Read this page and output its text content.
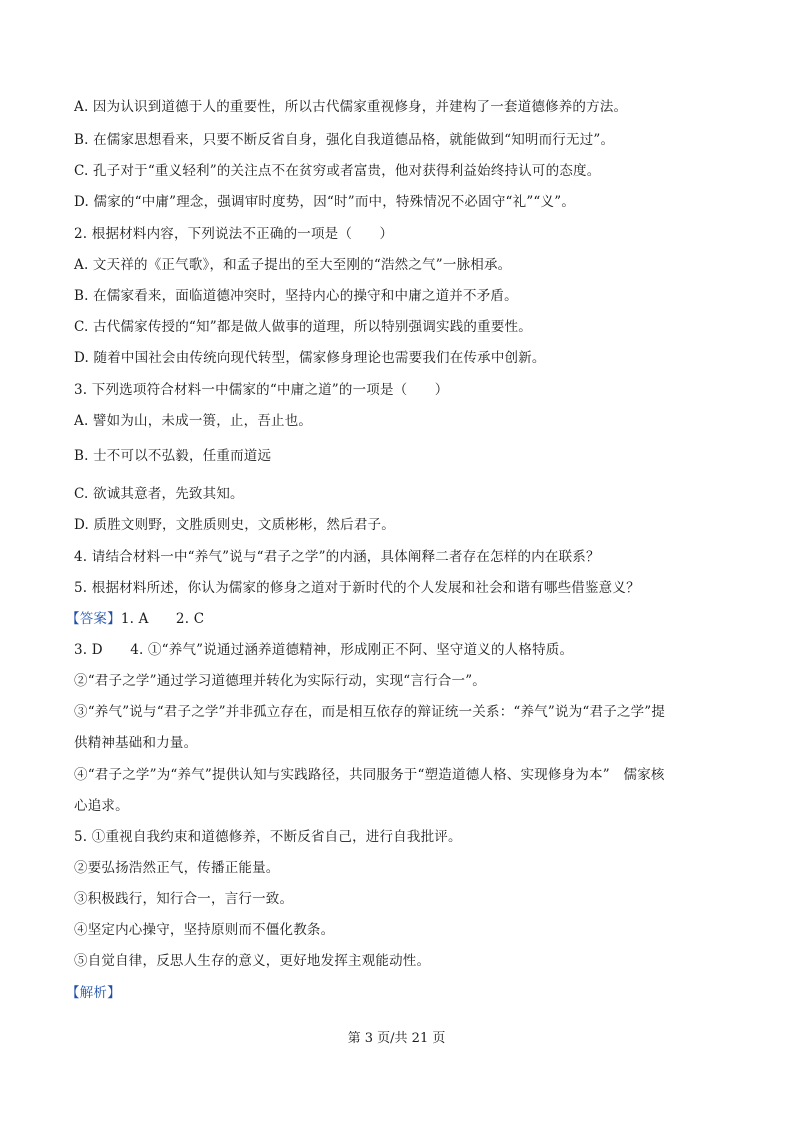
A. 因为认识到道德于人的重要性，所以古代儒家重视修身，并建构了一套道德修养的方法。
B. 在儒家思想看来，只要不断反省自身，强化自我道德品格，就能做到“知明而行无过”。
C. 孔子对于“重义轻利”的关注点不在贫穷或者富贵，他对获得利益始终持认可的态度。
D. 儒家的“中庸”理念，强调审时度势，因“时”而中，特殊情况不必固守“礼”“义”。
2. 根据材料内容，下列说法不正确的一项是（　　）
A. 文天祥的《正气歌》，和孟子提出的至大至刚的“浩然之气”一脉相承。
B. 在儒家看来，面临道德冲突时，坚持内心的操守和中庸之道并不矛盾。
C. 古代儒家传授的“知”都是做人做事的道理，所以特别强调实践的重要性。
D. 随着中国社会由传统向现代转型，儒家修身理论也需要我们在传承中创新。
3. 下列选项符合材料一中儒家的“中庸之道”的一项是（　　）
A. 譬如为山，未成一篑，止，吾止也。
B. 士不可以不弘毅，任重而道远
C. 欲诚其意者，先致其知。
D. 质胜文则野，文胜质则史，文质彬彬，然后君子。
4. 请结合材料一中“养气”说与“君子之学”的内涵，具体阐释二者存在怎样的内在联系？
5. 根据材料所述，你认为儒家的修身之道对于新时代的个人发展和社会和谐有哪些借鉴意义？
【答案】1. A　　2. C
3. D　　4. ①“养气”说通过涵养道德精神，形成刚正不阿、坚守道义的人格特质。
②“君子之学”通过学习道德理并转化为实际行动，实现“言行合一”。
③“养气”说与“君子之学”并非孤立存在，而是相互依存的辩证统一关系：“养气”说为“君子之学”提
供精神基础和力量。
④“君子之学”为“养气”提供认知与实践路径，共同服务于“塑造道德人格、实现修身为本”　儒家核
心追求。
5. ①重视自我约束和道德修养，不断反省自己，进行自我批评。
②要弘扬浩然正气，传播正能量。
③积极践行，知行合一，言行一致。
④坚定内心操守，坚持原则而不僵化教条。
⑤自觉自律，反思人生存的意义，更好地发挥主观能动性。
【解析】
第 3 页/共 21 页
